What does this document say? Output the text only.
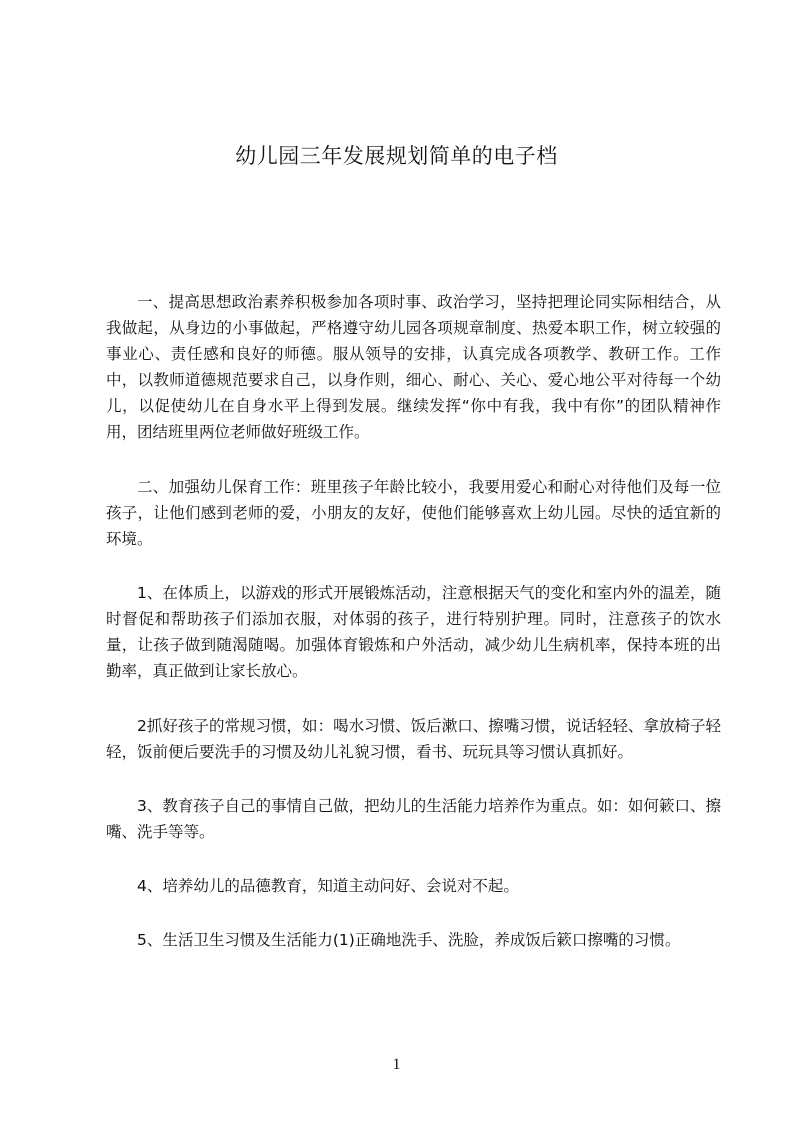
幼儿园三年发展规划简单的电子档

一、提高思想政治素养积极参加各项时事、政治学习，坚持把理论同实际相结合，从我做起，从身边的小事做起，严格遵守幼儿园各项规章制度、热爱本职工作，树立较强的事业心、责任感和良好的师德。服从领导的安排，认真完成各项教学、教研工作。工作中，以教师道德规范要求自己，以身作则，细心、耐心、关心、爱心地公平对待每一个幼儿，以促使幼儿在自身水平上得到发展。继续发挥“你中有我，我中有你”的团队精神作用，团结班里两位老师做好班级工作。

二、加强幼儿保育工作：班里孩子年龄比较小，我要用爱心和耐心对待他们及每一位孩子，让他们感到老师的爱，小朋友的友好，使他们能够喜欢上幼儿园。尽快的适宜新的环境。

1、在体质上，以游戏的形式开展锻炼活动，注意根据天气的变化和室内外的温差，随时督促和帮助孩子们添加衣服，对体弱的孩子，进行特别护理。同时，注意孩子的饮水量，让孩子做到随渴随喝。加强体育锻炼和户外活动，减少幼儿生病机率，保持本班的出勤率，真正做到让家长放心。

2抓好孩子的常规习惯，如：喝水习惯、饭后漱口、擦嘴习惯，说话轻轻、拿放椅子轻轻，饭前便后要洗手的习惯及幼儿礼貌习惯，看书、玩玩具等习惯认真抓好。

3、教育孩子自己的事情自己做，把幼儿的生活能力培养作为重点。如：如何簌口、擦嘴、洗手等等。

4、培养幼儿的品德教育，知道主动问好、会说对不起。

5、生活卫生习惯及生活能力(1)正确地洗手、洗脸，养成饭后簌口擦嘴的习惯。

1
